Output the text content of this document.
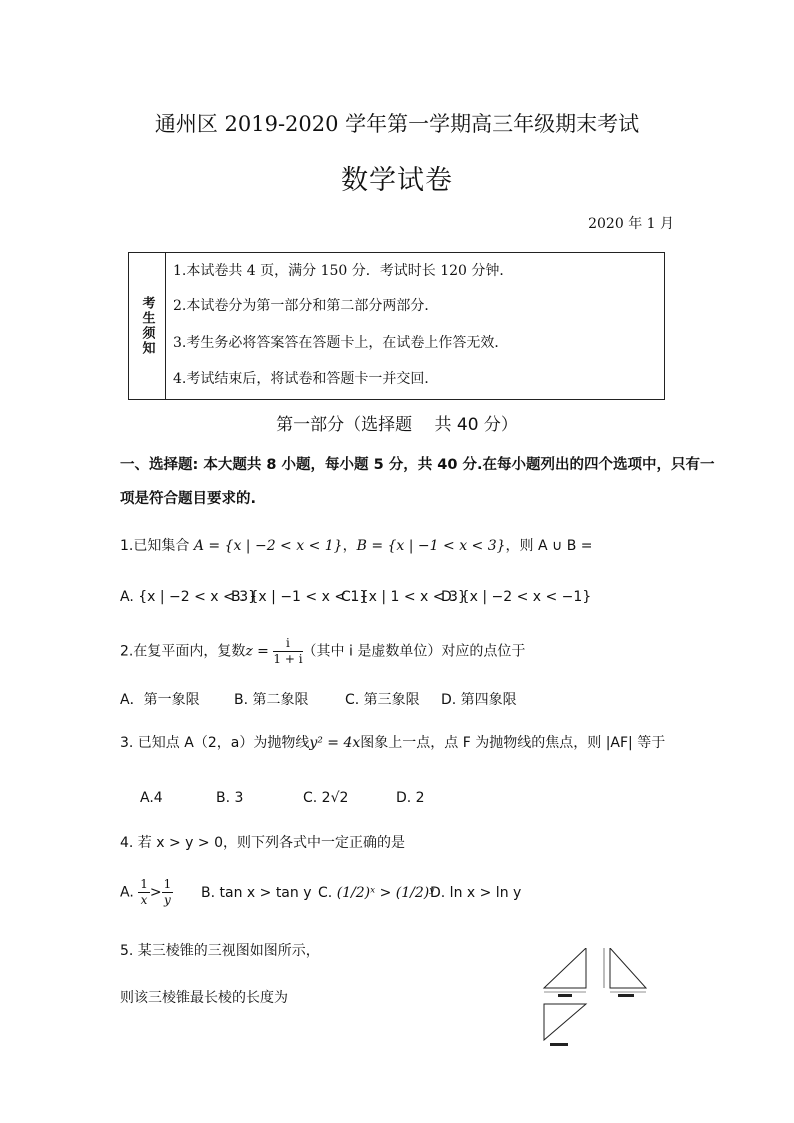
通州区 2019-2020 学年第一学期高三年级期末考试
数学试卷
2020 年 1 月
考生须知
1.本试卷共 4 页，满分 150 分．考试时长 120 分钟．
2.本试卷分为第一部分和第二部分两部分．
3.考生务必将答案答在答题卡上，在试卷上作答无效．
4.考试结束后，将试卷和答题卡一并交回．
第一部分（选择题　 共 40 分）
一、选择题: 本大题共 8 小题，每小题 5 分，共 40 分.在每小题列出的四个选项中，只有一
项是符合题目要求的.
1.已知集合 A = {x | −2 < x < 1}，B = {x | −1 < x < 3}，则 A ∪ B =
A. {x | −2 < x < 3}
B. {x | −1 < x < 1}
C. {x | 1 < x < 3}
D. {x | −2 < x < −1}
2.在复平面内，复数$z = \frac{i}{1 + i}$ （其中 i 是虚数单位）对应的点位于
A．第一象限 B. 第二象限	C. 第三象限 D. 第四象限
3. 已知点 A（2，a）为抛物线y² = 4x图象上一点，点 F 为抛物线的焦点，则 |AF| 等于
A.4	B. 3	C. 2√2	D. 2
4. 若 x > y > 0，则下列各式中一定正确的是
A. $\frac{1}{x} > \frac{1}{y} B$. tan x > tan y C. (1/2)ˣ > (1/2)ʸ
D. ln x > ln y
5. 某三棱锥的三视图如图所示，
则该三棱锥最长棱的长度为
